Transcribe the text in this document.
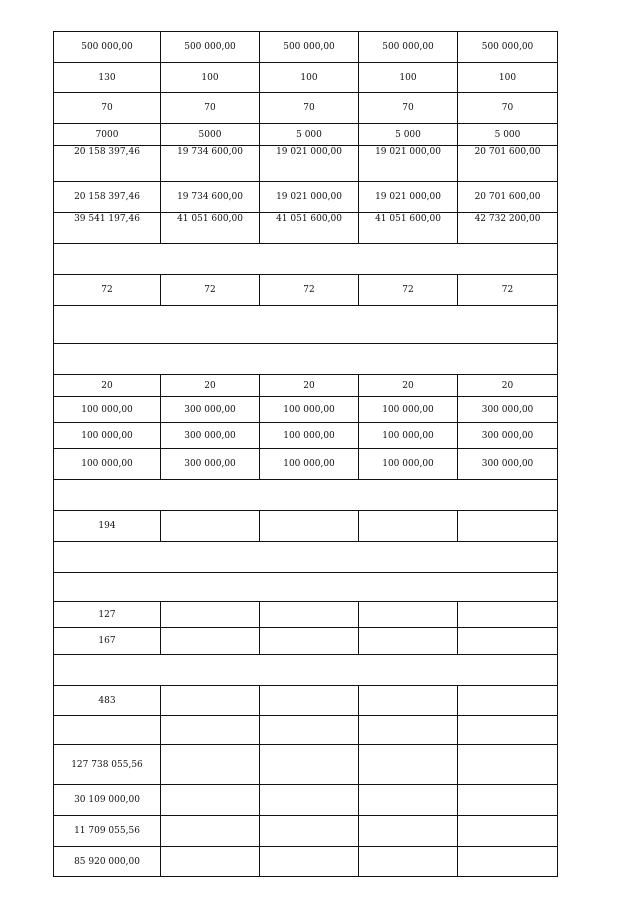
500 000,00	500 000,00	500 000,00	500 000,00	500 000,00
130	100	100	100	100
70	70	70	70	70
7000	5000	5 000	5 000	5 000
20 158 397,46	19 734 600,00	19 021 000,00	19 021 000,00	20 701 600,00
20 158 397,46	19 734 600,00	19 021 000,00	19 021 000,00	20 701 600,00
39 541 197,46	41 051 600,00	41 051 600,00	41 051 600,00	42 732 200,00

72	72	72	72	72

20	20	20	20	20
100 000,00	300 000,00	100 000,00	100 000,00	300 000,00
100 000,00	300 000,00	100 000,00	100 000,00	300 000,00
100 000,00	300 000,00	100 000,00	100 000,00	300 000,00

194				

127				
167				

483				

127 738 055,56				
30 109 000,00				
11 709 055,56				
85 920 000,00				
